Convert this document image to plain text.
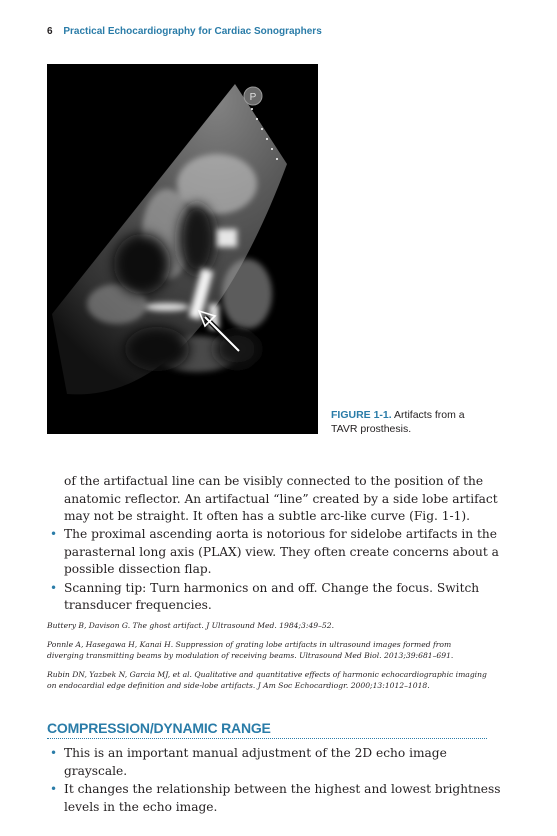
6 Practical Echocardiography for Cardiac Sonographers
P
FIGURE 1-1. Artifacts from a TAVR prosthesis.
of the artifactual line can be visibly connected to the position of the anatomic reflector. An artifactual “line” created by a side lobe artifact may not be straight. It often has a subtle arc-like curve (Fig. 1-1).
• The proximal ascending aorta is notorious for sidelobe artifacts in the parasternal long axis (PLAX) view. They often create concerns about a possible dissection flap.
• Scanning tip: Turn harmonics on and off. Change the focus. Switch transducer frequencies.
Buttery B, Davison G. The ghost artifact. J Ultrasound Med. 1984;3:49–52.
Ponnle A, Hasegawa H, Kanai H. Suppression of grating lobe artifacts in ultrasound images formed from diverging transmitting beams by modulation of receiving beams. Ultrasound Med Biol. 2013;39:681–691.
Rubin DN, Yazbek N, Garcia MJ, et al. Qualitative and quantitative effects of harmonic echocardiographic imaging on endocardial edge definition and side-lobe artifacts. J Am Soc Echocardiogr. 2000;13:1012–1018.
COMPRESSION/DYNAMIC RANGE
• This is an important manual adjustment of the 2D echo image grayscale.
• It changes the relationship between the highest and lowest brightness levels in the echo image.
